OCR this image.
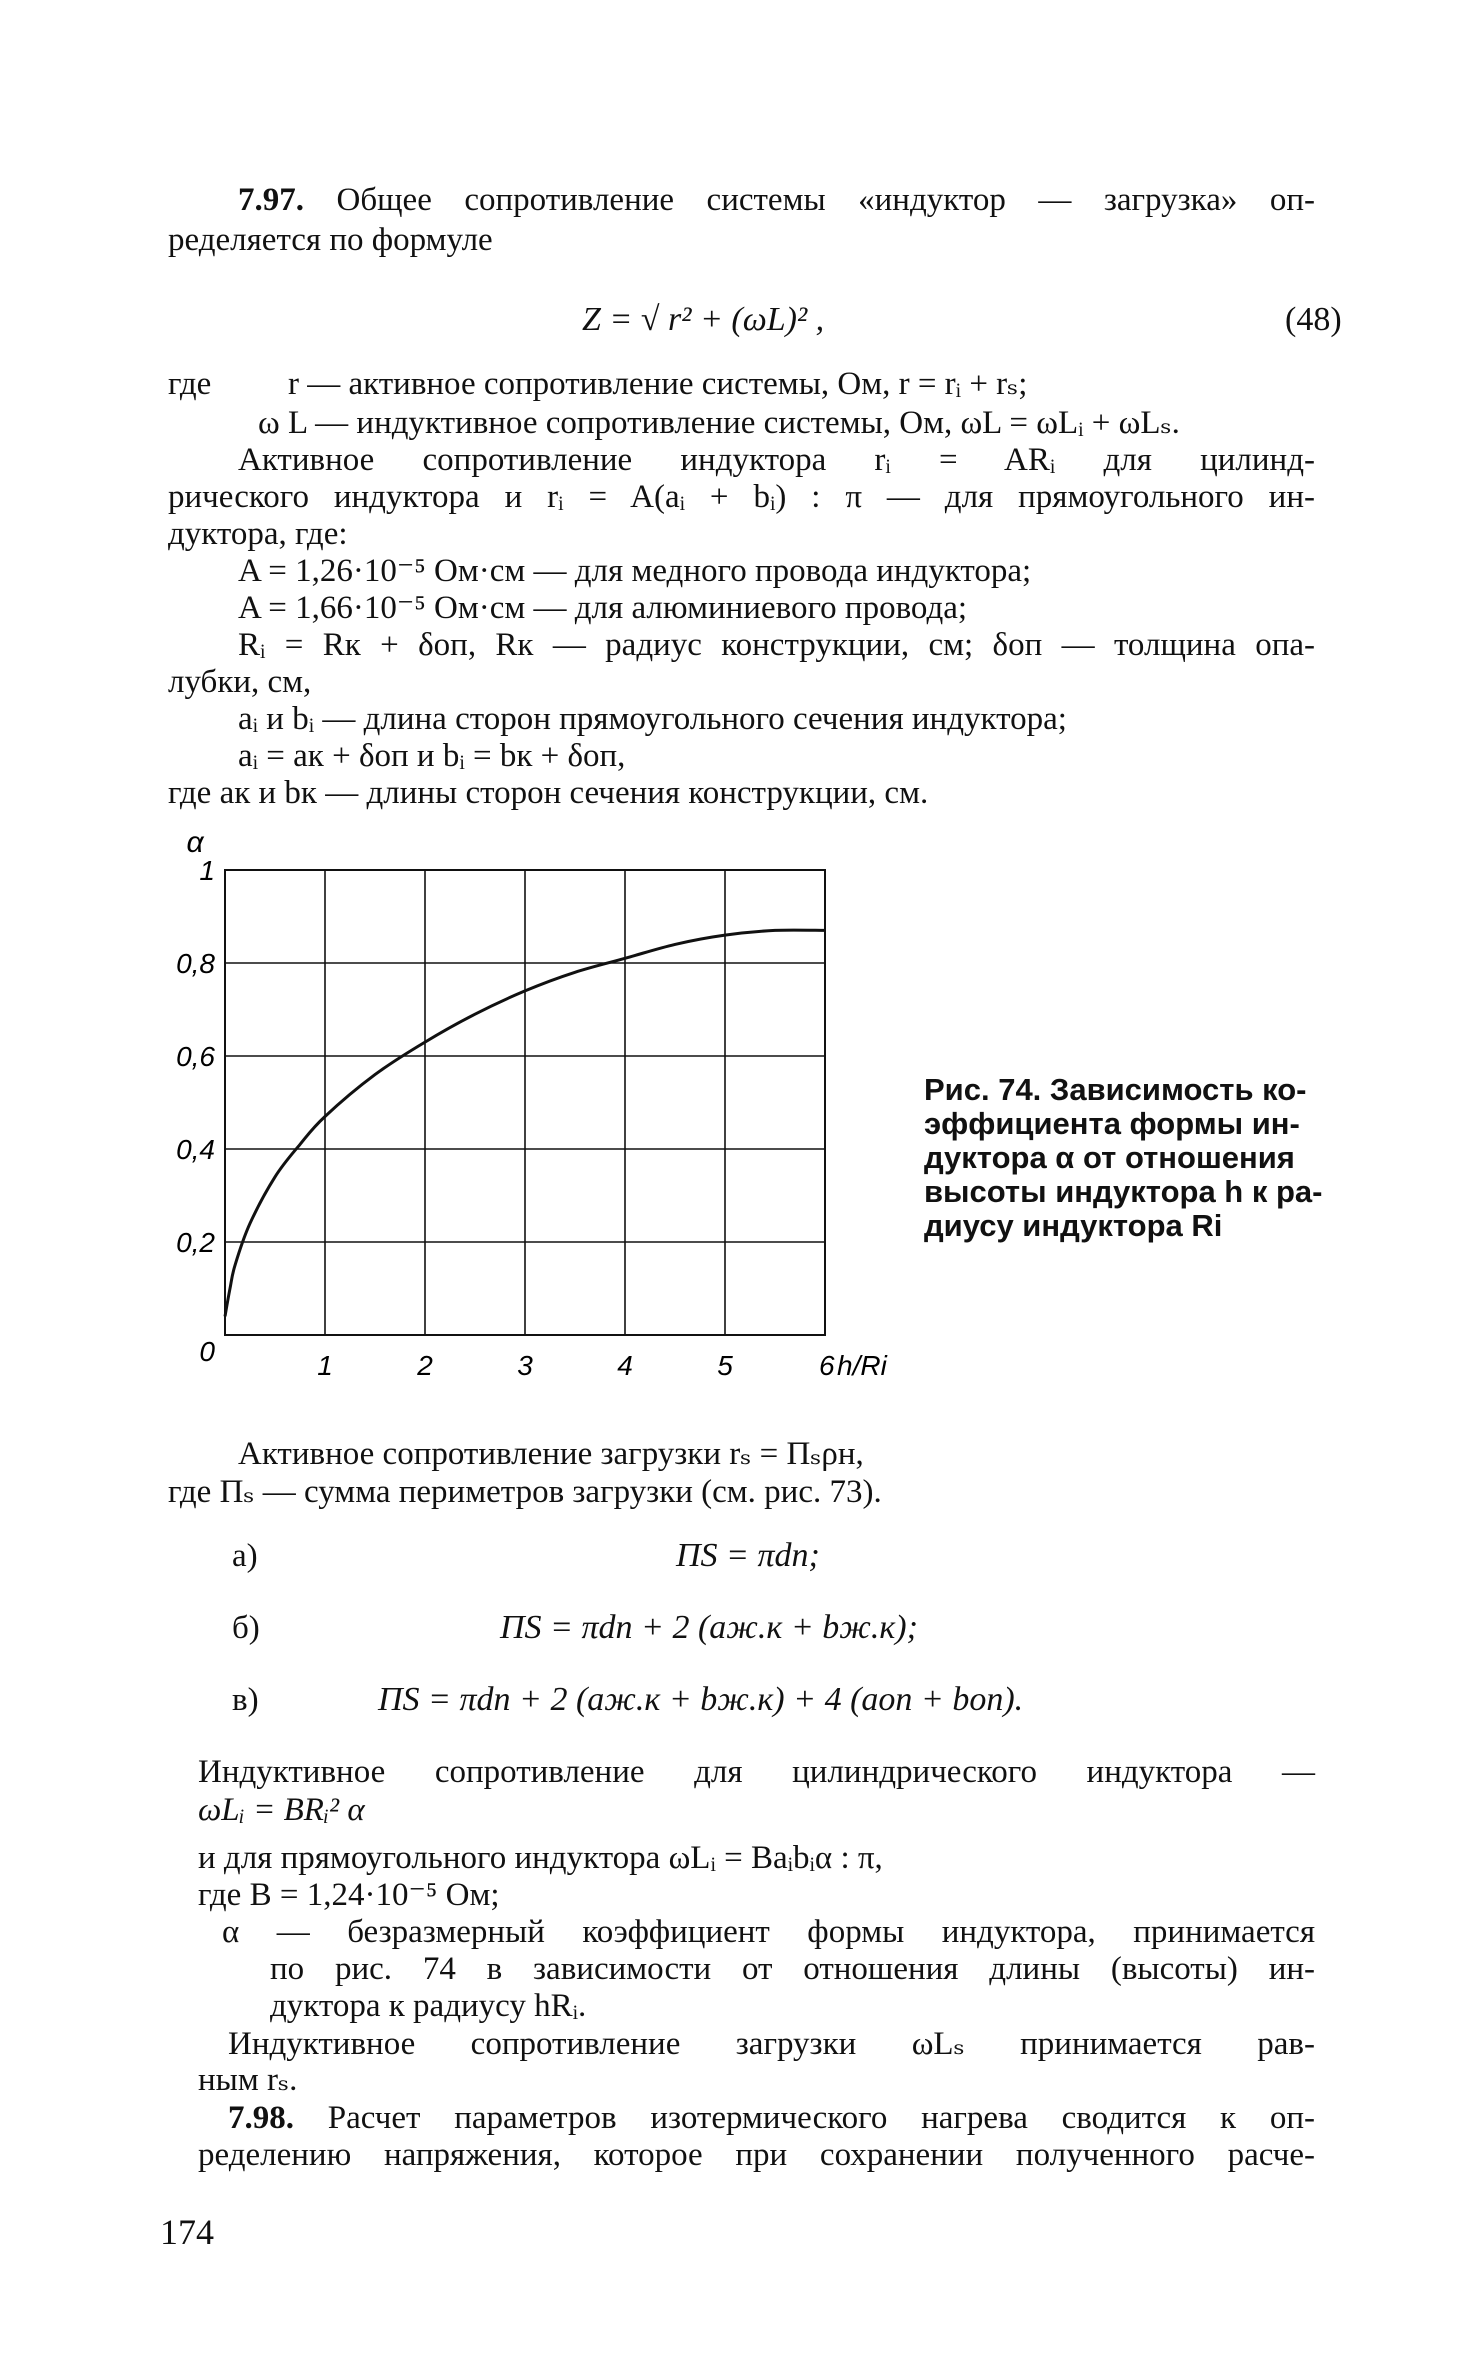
7.97. Общее сопротивление системы «индуктор — загрузка» оп-
ределяется по формуле
Z = √ r² + (ωL)² ,	(48)
где r — активное сопротивление системы, Ом, r = rᵢ + rₛ;
ω L — индуктивное сопротивление системы, Ом, ωL = ωLᵢ + ωLₛ.
Активное сопротивление индуктора rᵢ = ARᵢ для цилинд-
рического индуктора и rᵢ = A(aᵢ + bᵢ) : π — для прямоугольного ин-
дуктора, где:
A = 1,26·10⁻⁵ Ом·см — для медного провода индуктора;
A = 1,66·10⁻⁵ Ом·см — для алюминиевого провода;
Rᵢ = Rк + δоп, Rк — радиус конструкции, см; δоп — толщина опа-
лубки, см,
aᵢ и bᵢ — длина сторон прямоугольного сечения индуктора;
aᵢ = aк + δоп и bᵢ = bк + δоп,
где aк и bк — длины сторон сечения конструкции, см.
0
0,2
0,4
0,6
0,8
1
1	2	3	4	5	6 h/Ri
α
Рис. 74. Зависимость ко-
эффициента формы ин-
дуктора α от отношения
высоты индуктора h к ра-
диусу индуктора Ri
Активное сопротивление загрузки rₛ = Пₛρн,
где Пₛ — сумма периметров загрузки (см. рис. 73).
а)	ПS = πdn;
б)	ПS = πdn + 2 (aж.к + bж.к);
в)	ПS = πdn + 2 (aж.к + bж.к) + 4 (aоп + bоп).
Индуктивное сопротивление для цилиндрического индуктора —
ωLᵢ = BRᵢ² α
и для прямоугольного индуктора ωLᵢ = Baᵢbᵢα : π,
где B = 1,24·10⁻⁵ Ом;
α — безразмерный коэффициент формы индуктора, принимается
по рис. 74 в зависимости от отношения длины (высоты) ин-
дуктора к радиусу hRᵢ.
Индуктивное сопротивление загрузки ωLₛ принимается рав-
ным rₛ.
7.98. Расчет параметров изотермического нагрева сводится к оп-
ределению напряжения, которое при сохранении полученного расче-
174
